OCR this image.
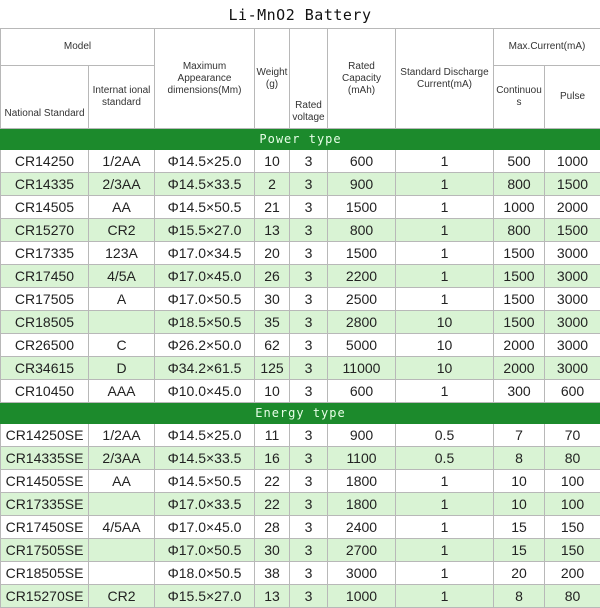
Li-MnO2 Battery
Model		Maximum Appearance dimensions(Mm)	Weight (g)	Rated voltage	Rated Capacity (mAh)	Standard Discharge Current(mA)	Max.Current(mA)	
National Standard	Internat ional standard						Continuou s	Pulse
Power type								
CR14250	1/2AA	Φ14.5×25.0	10	3	600	1	500	1000
CR14335	2/3AA	Φ14.5×33.5	2	3	900	1	800	1500
CR14505	AA	Φ14.5×50.5	21	3	1500	1	1000	2000
CR15270	CR2	Φ15.5×27.0	13	3	800	1	800	1500
CR17335	123A	Φ17.0×34.5	20	3	1500	1	1500	3000
CR17450	4/5A	Φ17.0×45.0	26	3	2200	1	1500	3000
CR17505	A	Φ17.0×50.5	30	3	2500	1	1500	3000
CR18505		Φ18.5×50.5	35	3	2800	10	1500	3000
CR26500	C	Φ26.2×50.0	62	3	5000	10	2000	3000
CR34615	D	Φ34.2×61.5	125	3	11000	10	2000	3000
CR10450	AAA	Φ10.0×45.0	10	3	600	1	300	600
Energy type								
CR14250SE	1/2AA	Φ14.5×25.0	11	3	900	0.5	7	70
CR14335SE	2/3AA	Φ14.5×33.5	16	3	1100	0.5	8	80
CR14505SE	AA	Φ14.5×50.5	22	3	1800	1	10	100
CR17335SE		Φ17.0×33.5	22	3	1800	1	10	100
CR17450SE	4/5AA	Φ17.0×45.0	28	3	2400	1	15	150
CR17505SE		Φ17.0×50.5	30	3	2700	1	15	150
CR18505SE		Φ18.0×50.5	38	3	3000	1	20	200
CR15270SE	CR2	Φ15.5×27.0	13	3	1000	1	8	80
